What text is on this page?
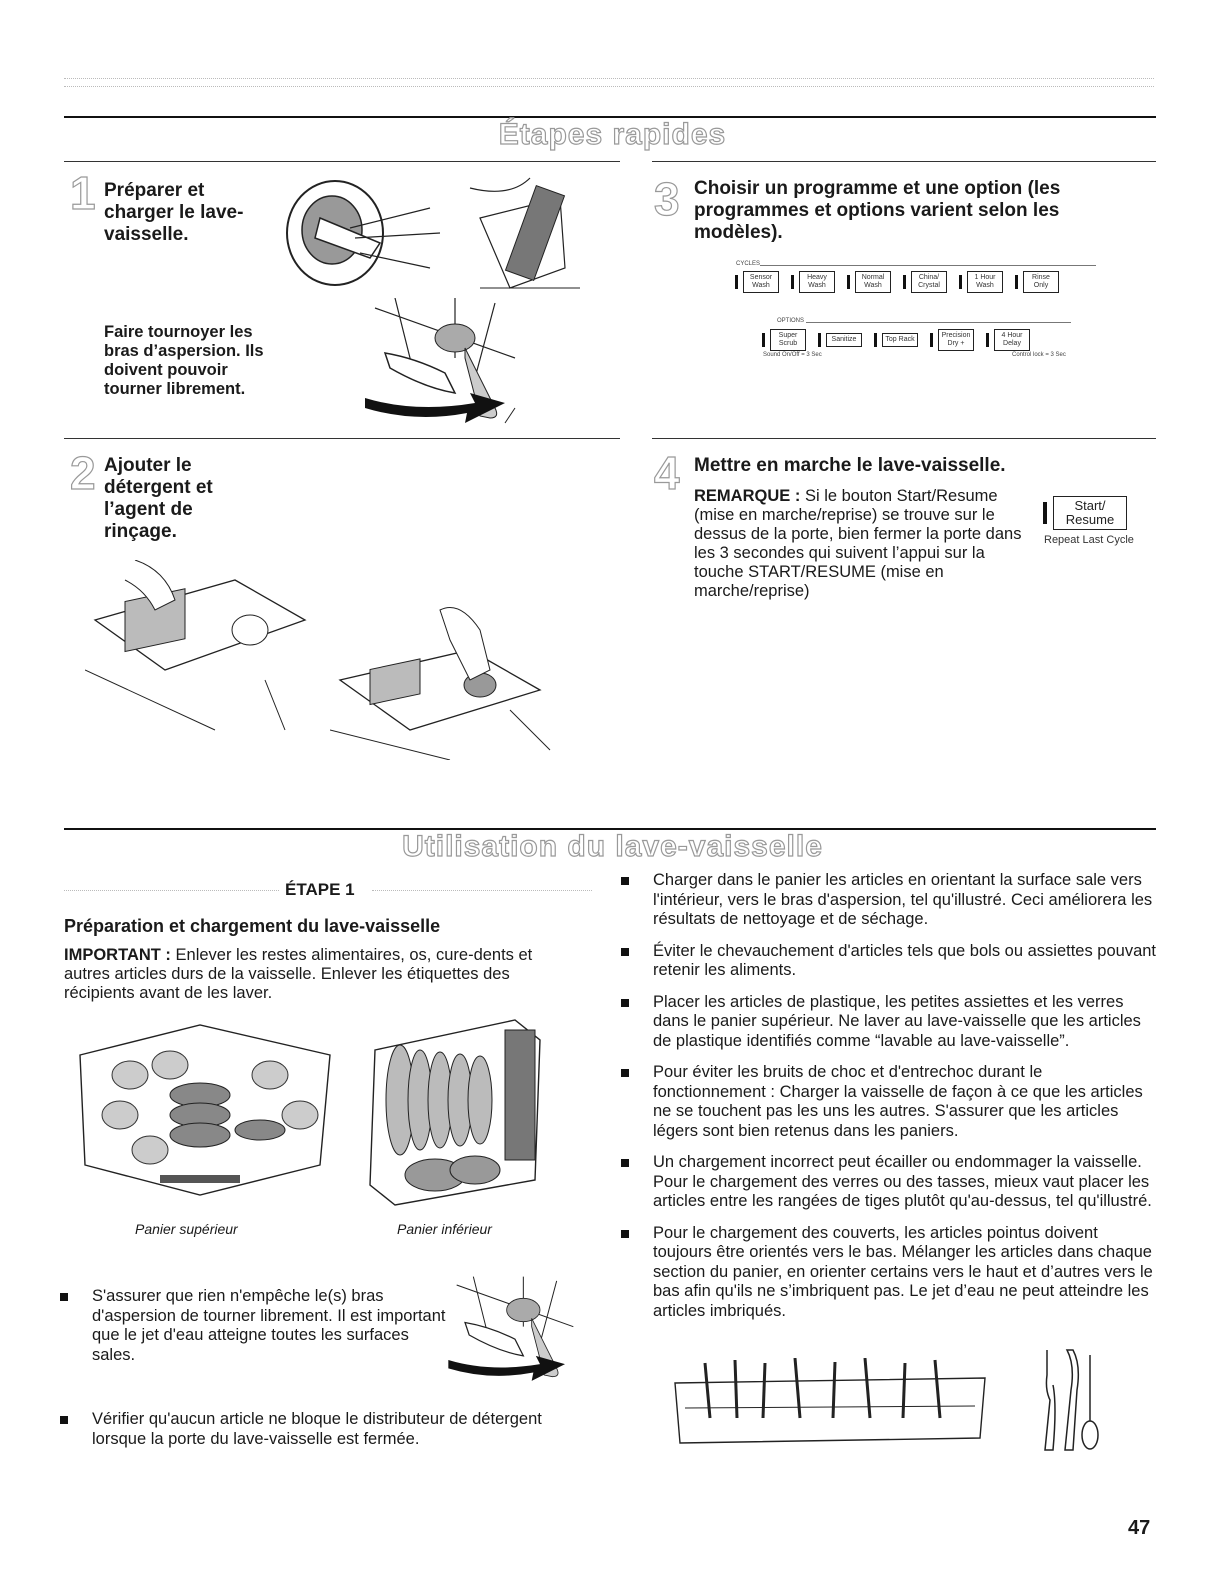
Étapes rapides
1 Préparer et charger le lave-vaisselle.
Faire tournoyer les bras d’aspersion. Ils doivent pouvoir tourner librement.
3 Choisir un programme et une option (les programmes et options varient selon les modèles).
CYCLES
Sensor Wash
Heavy Wash
Normal Wash
China/ Crystal
1 Hour Wash
Rinse Only
OPTIONS
Super Scrub
Sanitize	Top Rack
Precision Dry +
4 Hour Delay
Sound On/Off = 3 Sec	Control lock = 3 Sec
2 Ajouter le détergent et l’agent de rinçage.
4 Mettre en marche le lave-vaisselle.
REMARQUE : Si le bouton Start/Resume (mise en marche/reprise) se trouve sur le dessus de la porte, bien fermer la porte dans les 3 secondes qui suivent l’appui sur la touche START/RESUME (mise en marche/reprise)
Start/ Resume
Repeat Last Cycle
Utilisation du lave-vaisselle
ÉTAPE 1
Préparation et chargement du lave-vaisselle
IMPORTANT : Enlever les restes alimentaires, os, cure-dents et autres articles durs de la vaisselle. Enlever les étiquettes des récipients avant de les laver.
Panier supérieur	Panier inférieur
S'assurer que rien n'empêche le(s) bras d'aspersion de tourner librement. Il est important que le jet d'eau atteigne toutes les surfaces sales.
Vérifier qu'aucun article ne bloque le distributeur de détergent lorsque la porte du lave-vaisselle est fermée.
Charger dans le panier les articles en orientant la surface sale vers l'intérieur, vers le bras d'aspersion, tel qu'illustré. Ceci améliorera les résultats de nettoyage et de séchage.
Éviter le chevauchement d'articles tels que bols ou assiettes pouvant retenir les aliments.
Placer les articles de plastique, les petites assiettes et les verres dans le panier supérieur. Ne laver au lave-vaisselle que les articles de plastique identifiés comme “lavable au lave-vaisselle”.
Pour éviter les bruits de choc et d'entrechoc durant le fonctionnement : Charger la vaisselle de façon à ce que les articles ne se touchent pas les uns les autres. S'assurer que les articles légers sont bien retenus dans les paniers.
Un chargement incorrect peut écailler ou endommager la vaisselle. Pour le chargement des verres ou des tasses, mieux vaut placer les articles entre les rangées de tiges plutôt qu'au-dessus, tel qu'illustré.
Pour le chargement des couverts, les articles pointus doivent toujours être orientés vers le bas. Mélanger les articles dans chaque section du panier, en orienter certains vers le haut et d’autres vers le bas afin qu'ils ne s’imbriquent pas. Le jet d’eau ne peut atteindre les articles imbriqués.
47
